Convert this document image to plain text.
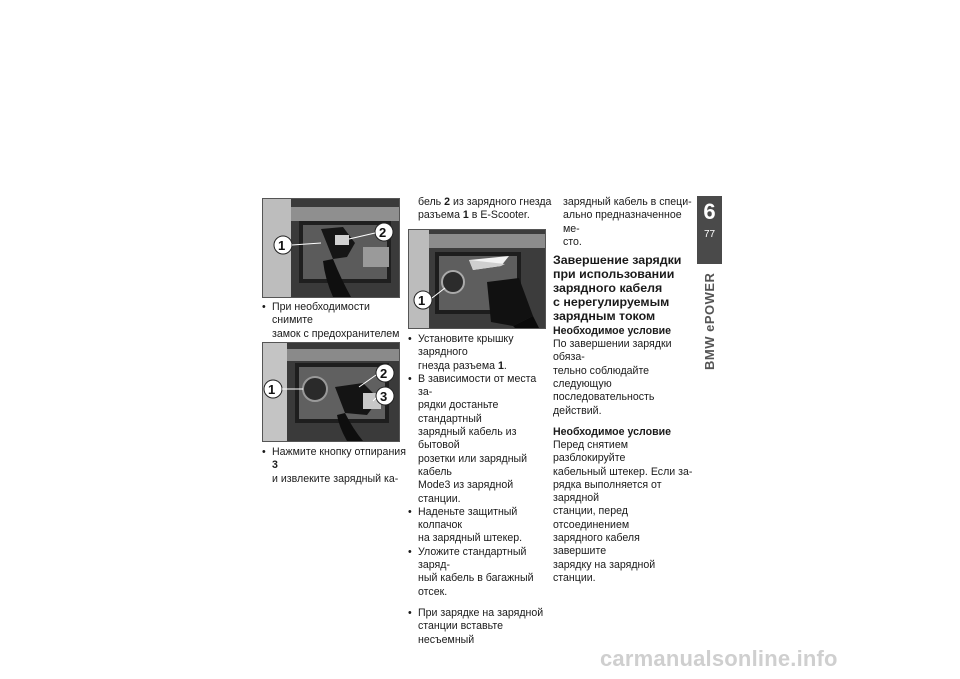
1
2
• При необходимости снимите
замок с предохранителем

1
2
3
• Нажмите кнопку отпирания 3
и извлеките зарядный ка-

бель 2 из зарядного гнезда
разъема 1 в E-Scooter.

1
• Установите крышку зарядного
гнезда разъема 1.
• В зависимости от места за-
рядки достаньте стандартный
зарядный кабель из бытовой
розетки или зарядный кабель
Mode3 из зарядной станции.
• Наденьте защитный колпачок
на зарядный штекер.
• Уложите стандартный заряд-
ный кабель в багажный отсек.
• При зарядке на зарядной
станции вставьте несъемный

зарядный кабель в специ-
ально предназначенное ме-
сто.

Завершение зарядки
при использовании
зарядного кабеля
с нерегулируемым
зарядным током
Необходимое условие

По завершении зарядки обяза-
тельно соблюдайте следующую
последовательность действий.

Необходимое условие

Перед снятием разблокируйте
кабельный штекер. Если за-
рядка выполняется от зарядной
станции, перед отсоединением
зарядного кабеля завершите
зарядку на зарядной станции.

6
77
BMW ePOWER
carmanualsonline.info
